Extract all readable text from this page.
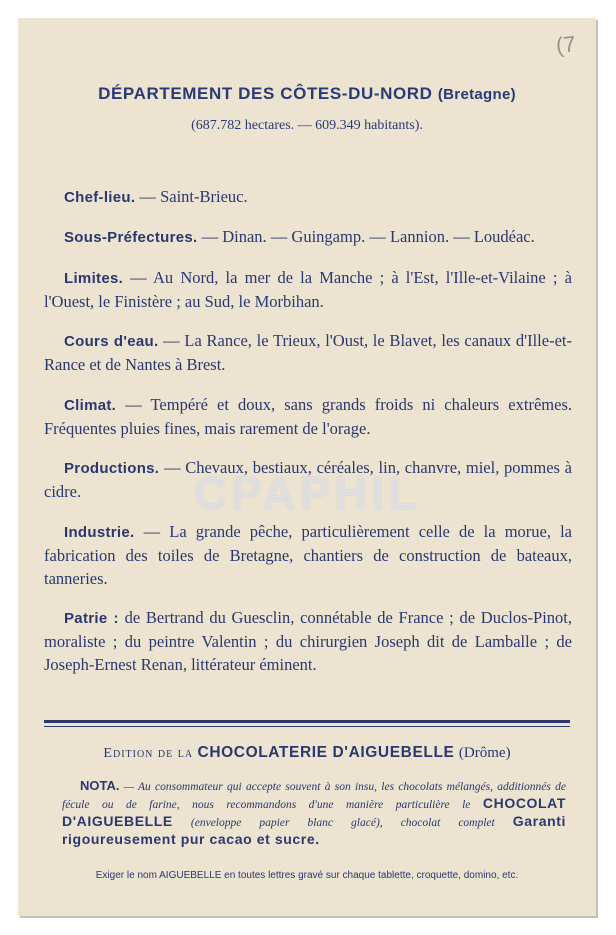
(7
DÉPARTEMENT DES CÔTES-DU-NORD (Bretagne)
(687.782 hectares. — 609.349 habitants).

Chef-lieu. — Saint-Brieuc.

Sous-Préfectures. — Dinan. — Guingamp. — Lannion. — Loudéac.

Limites. — Au Nord, la mer de la Manche ; à l'Est, l'Ille-et-Vilaine ; à l'Ouest, le Finistère ; au Sud, le Morbihan.

Cours d'eau. — La Rance, le Trieux, l'Oust, le Blavet, les canaux d'Ille-et-Rance et de Nantes à Brest.

Climat. — Tempéré et doux, sans grands froids ni chaleurs extrêmes. Fréquentes pluies fines, mais rarement de l'orage.

Productions. — Chevaux, bestiaux, céréales, lin, chanvre, miel, pommes à cidre.

Industrie. — La grande pêche, particulièrement celle de la morue, la fabrication des toiles de Bretagne, chantiers de construction de bateaux, tanneries.

Patrie : de Bertrand du Guesclin, connétable de France ; de Duclos-Pinot, moraliste ; du peintre Valentin ; du chirurgien Joseph dit de Lamballe ; de Joseph-Ernest Renan, littérateur éminent.

CPAPHIL
Edition de la CHOCOLATERIE D'AIGUEBELLE (Drôme)
NOTA. — Au consommateur qui accepte souvent à son insu, les chocolats mélangés, additionnés de fécule ou de farine, nous recommandons d'une manière particulière le CHOCOLAT D'AIGUEBELLE (enveloppe papier blanc glacé), chocolat complet Garanti rigoureusement pur cacao et sucre.
Exiger le nom AIGUEBELLE en toutes lettres gravé sur chaque tablette, croquette, domino, etc.
